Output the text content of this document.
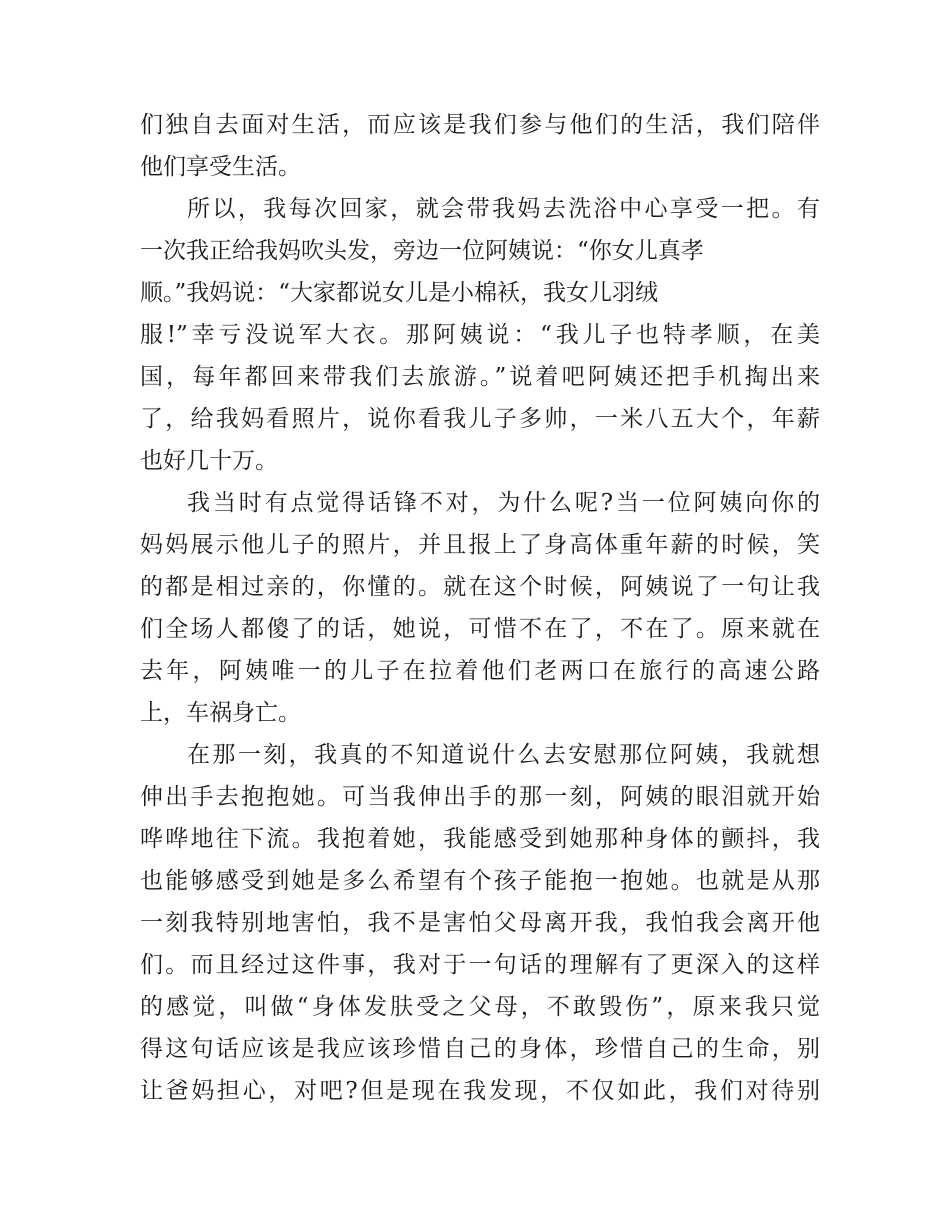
们独自去面对生活，而应该是我们参与他们的生活，我们陪伴
他们享受生活。
所以，我每次回家，就会带我妈去洗浴中心享受一把。有
一次我正给我妈吹头发，旁边一位阿姨说：“你女儿真孝
顺。”我妈说：“大家都说女儿是小棉袄，我女儿羽绒
服!”幸亏没说军大衣。那阿姨说：“我儿子也特孝顺，在美
国，每年都回来带我们去旅游。”说着吧阿姨还把手机掏出来
了，给我妈看照片，说你看我儿子多帅，一米八五大个，年薪
也好几十万。
我当时有点觉得话锋不对，为什么呢?当一位阿姨向你的
妈妈展示他儿子的照片，并且报上了身高体重年薪的时候，笑
的都是相过亲的，你懂的。就在这个时候，阿姨说了一句让我
们全场人都傻了的话，她说，可惜不在了，不在了。原来就在
去年，阿姨唯一的儿子在拉着他们老两口在旅行的高速公路
上，车祸身亡。
在那一刻，我真的不知道说什么去安慰那位阿姨，我就想
伸出手去抱抱她。可当我伸出手的那一刻，阿姨的眼泪就开始
哗哗地往下流。我抱着她，我能感受到她那种身体的颤抖，我
也能够感受到她是多么希望有个孩子能抱一抱她。也就是从那
一刻我特别地害怕，我不是害怕父母离开我，我怕我会离开他
们。而且经过这件事，我对于一句话的理解有了更深入的这样
的感觉，叫做“身体发肤受之父母，不敢毁伤”，原来我只觉
得这句话应该是我应该珍惜自己的身体，珍惜自己的生命，别
让爸妈担心，对吧?但是现在我发现，不仅如此，我们对待别
